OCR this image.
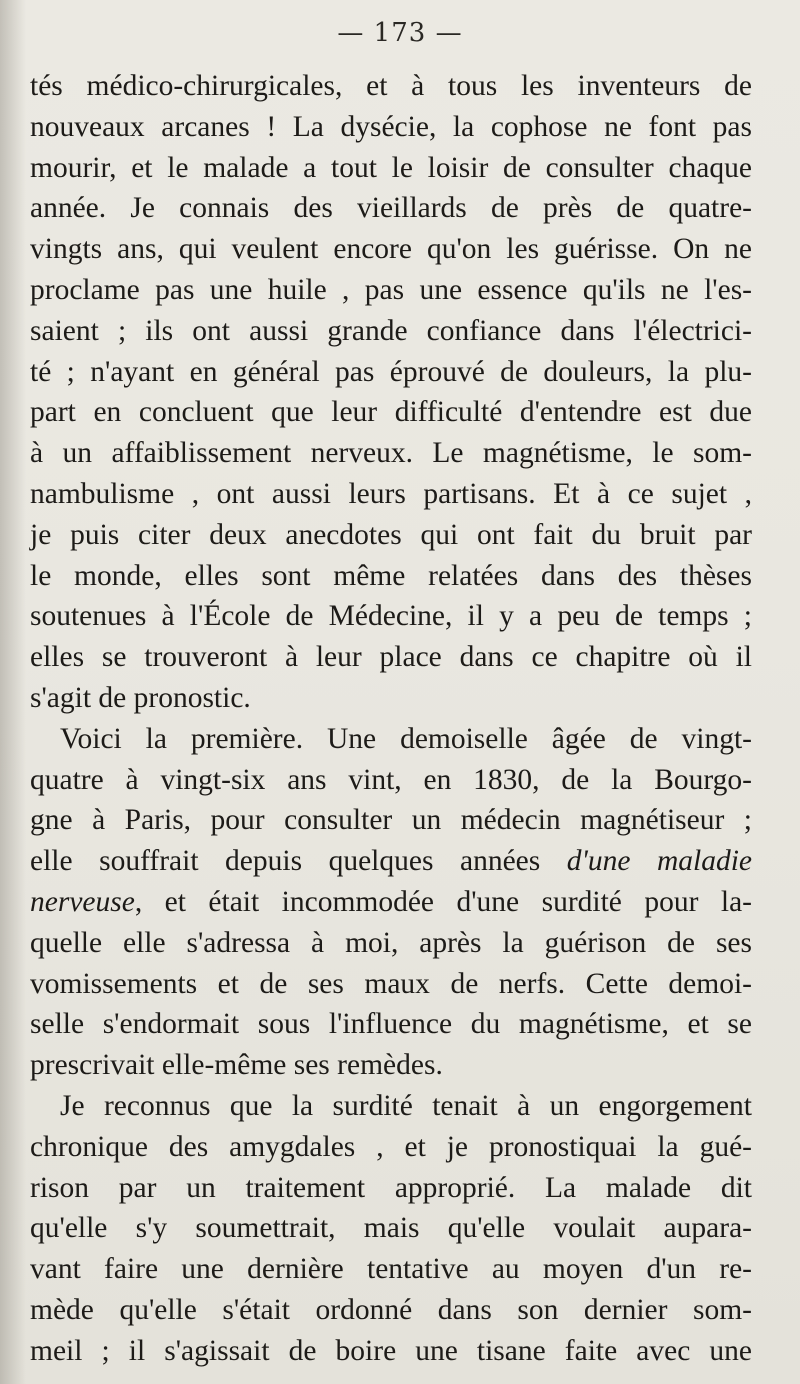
— 173 —
tés médico-chirurgicales, et à tous les inventeurs de
nouveaux arcanes ! La dysécie, la cophose ne font pas
mourir, et le malade a tout le loisir de consulter chaque
année. Je connais des vieillards de près de quatre-
vingts ans, qui veulent encore qu'on les guérisse. On ne
proclame pas une huile , pas une essence qu'ils ne l'es-
saient ; ils ont aussi grande confiance dans l'électrici-
té ; n'ayant en général pas éprouvé de douleurs, la plu-
part en concluent que leur difficulté d'entendre est due
à un affaiblissement nerveux. Le magnétisme, le som-
nambulisme , ont aussi leurs partisans. Et à ce sujet ,
je puis citer deux anecdotes qui ont fait du bruit par
le monde, elles sont même relatées dans des thèses
soutenues à l'École de Médecine, il y a peu de temps ;
elles se trouveront à leur place dans ce chapitre où il
s'agit de pronostic.
Voici la première. Une demoiselle âgée de vingt-
quatre à vingt-six ans vint, en 1830, de la Bourgo-
gne à Paris, pour consulter un médecin magnétiseur ;
elle souffrait depuis quelques années d'une maladie
nerveuse, et était incommodée d'une surdité pour la-
quelle elle s'adressa à moi, après la guérison de ses
vomissements et de ses maux de nerfs. Cette demoi-
selle s'endormait sous l'influence du magnétisme, et se
prescrivait elle-même ses remèdes.
Je reconnus que la surdité tenait à un engorgement
chronique des amygdales , et je pronostiquai la gué-
rison par un traitement approprié. La malade dit
qu'elle s'y soumettrait, mais qu'elle voulait aupara-
vant faire une dernière tentative au moyen d'un re-
mède qu'elle s'était ordonné dans son dernier som-
meil ; il s'agissait de boire une tisane faite avec une
